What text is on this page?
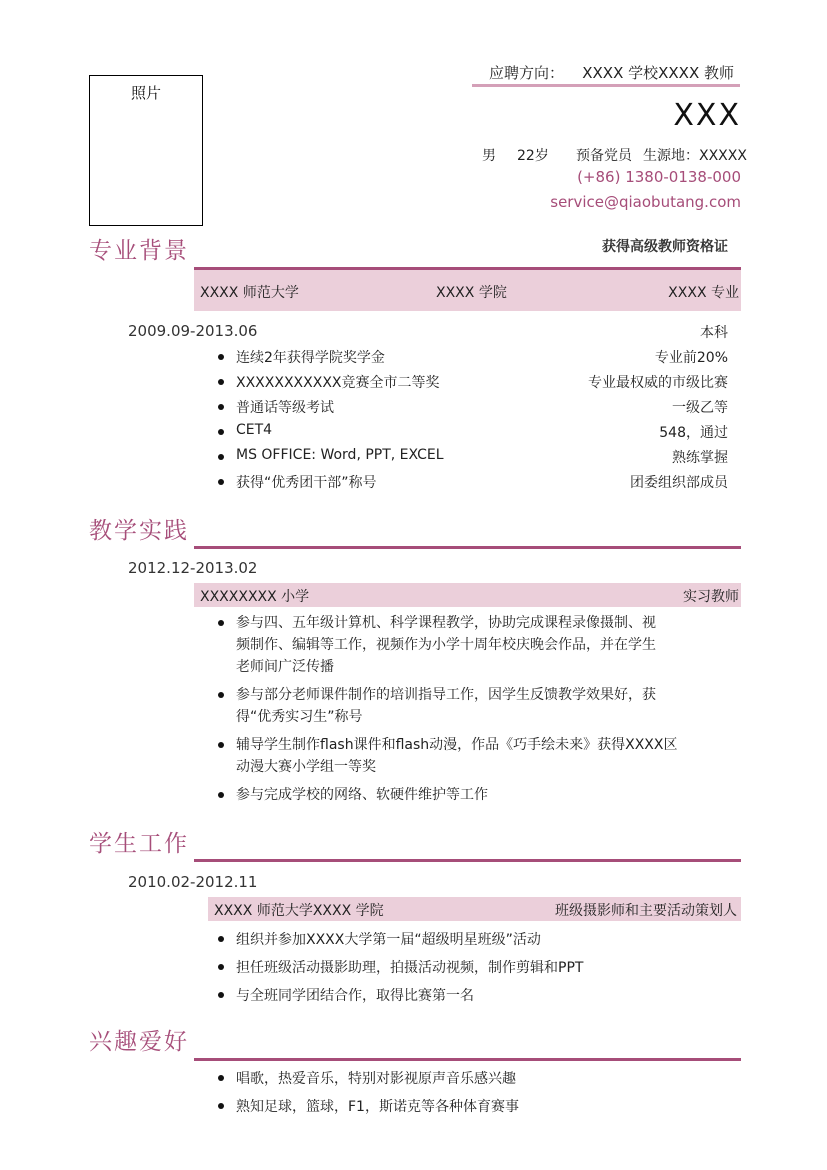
照片
应聘方向： XXXX 学校XXXX 教师
XXX
男 22岁 预备党员 生源地：XXXXX
(+86) 1380-0138-000
service@qiaobutang.com
专业背景	获得高级教师资格证
XXXX 师范大学	XXXX 学院	XXXX 专业
2009.09-2013.06	本科
连续2年获得学院奖学金	专业前20%
XXXXXXXXXXX竞赛全市二等奖	专业最权威的市级比赛
普通话等级考试	一级乙等
CET4	548，通过
MS OFFICE: Word, PPT, EXCEL	熟练掌握
获得“优秀团干部”称号	团委组织部成员
教学实践
2012.12-2013.02
XXXXXXXX 小学	实习教师
参与四、五年级计算机、科学课程教学，协助完成课程录像摄制、视
频制作、编辑等工作，视频作为小学十周年校庆晚会作品，并在学生
老师间广泛传播
参与部分老师课件制作的培训指导工作，因学生反馈教学效果好，获
得“优秀实习生”称号
辅导学生制作flash课件和flash动漫，作品《巧手绘未来》获得XXXX区
动漫大赛小学组一等奖
参与完成学校的网络、软硬件维护等工作
学生工作
2010.02-2012.11
XXXX 师范大学XXXX 学院	班级摄影师和主要活动策划人
组织并参加XXXX大学第一届“超级明星班级”活动
担任班级活动摄影助理，拍摄活动视频，制作剪辑和PPT
与全班同学团结合作，取得比赛第一名
兴趣爱好
唱歌，热爱音乐，特别对影视原声音乐感兴趣
熟知足球，篮球，F1，斯诺克等各种体育赛事
